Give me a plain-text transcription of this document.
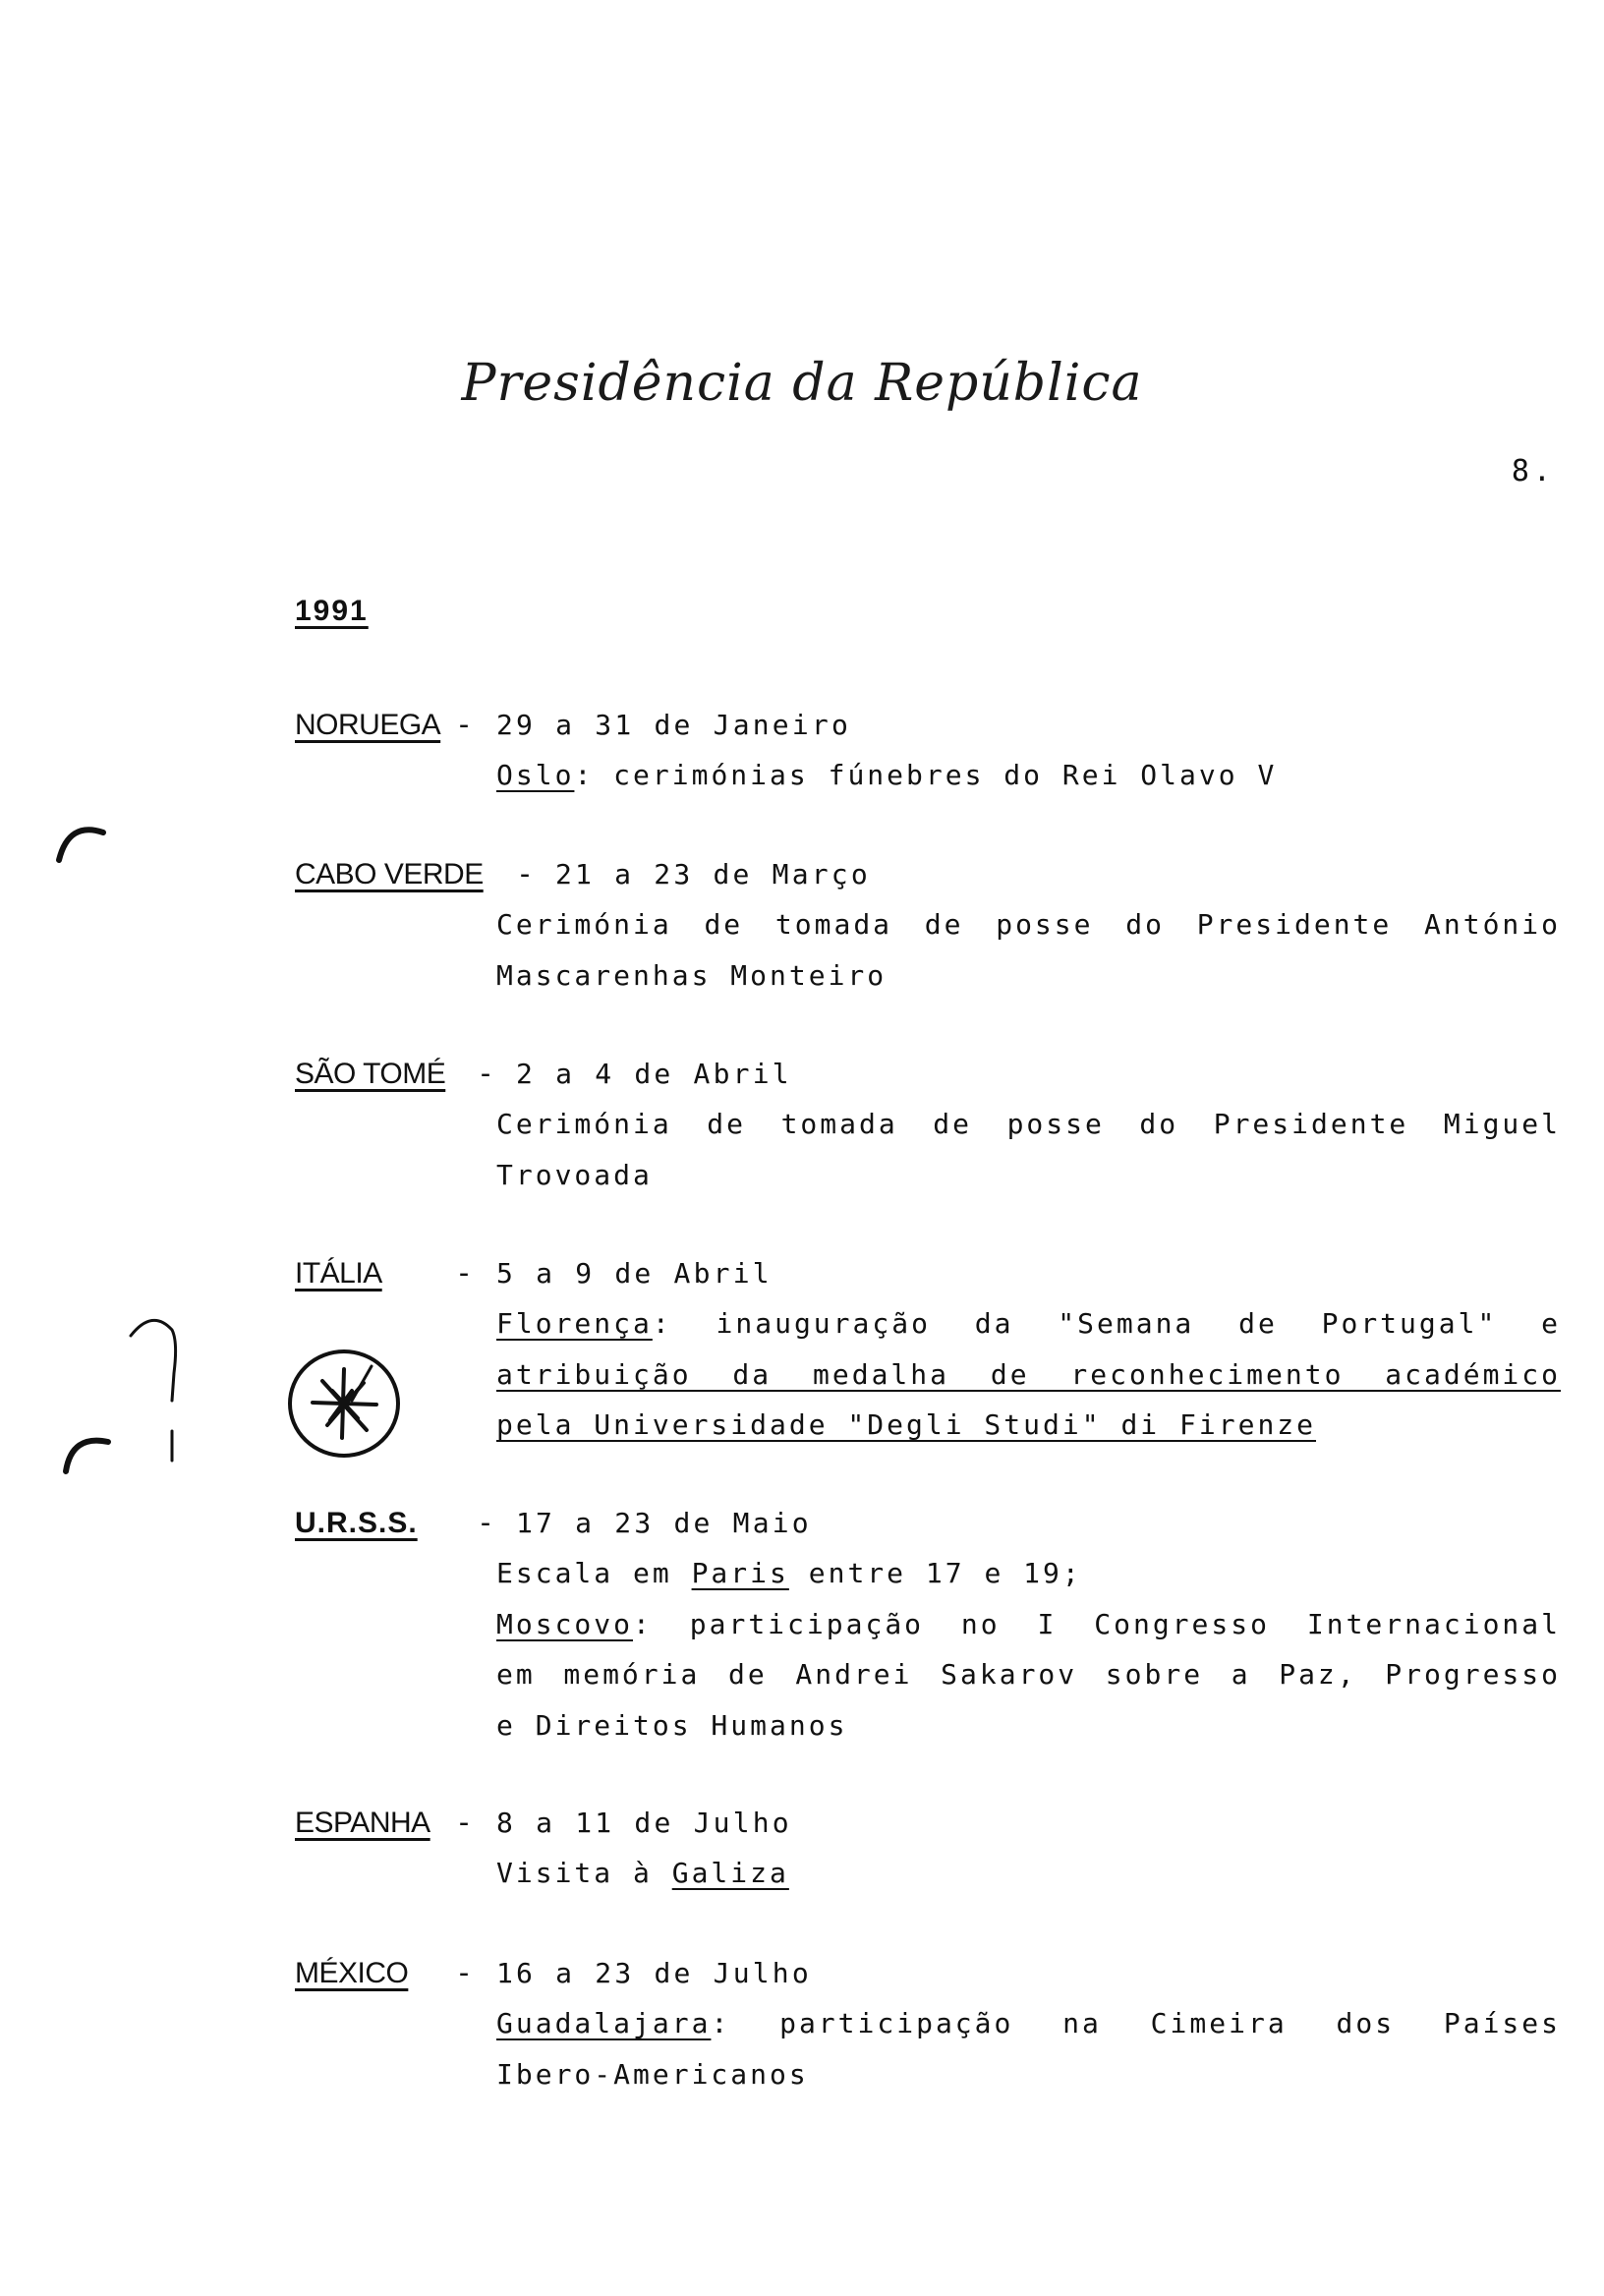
Presidência da República
8.
1991
NORUEGA - 29 a 31 de Janeiro
Oslo: cerimónias fúnebres do Rei Olavo V
CABO VERDE - 21 a 23 de Março
Cerimónia de tomada de posse do Presidente António
Mascarenhas Monteiro
SÃO TOMÉ - 2 a 4 de Abril
Cerimónia de tomada de posse do Presidente Miguel
Trovoada
ITÁLIA - 5 a 9 de Abril
Florença: inauguração da "Semana de Portugal" e
atribuição da medalha de reconhecimento académico
pela Universidade "Degli Studi" di Firenze
U.R.S.S. - 17 a 23 de Maio
Escala em Paris entre 17 e 19;
Moscovo: participação no I Congresso Internacional
em memória de Andrei Sakarov sobre a Paz, Progresso
e Direitos Humanos
ESPANHA - 8 a 11 de Julho
Visita à Galiza
MÉXICO - 16 a 23 de Julho
Guadalajara: participação na Cimeira dos Países
Ibero-Americanos
